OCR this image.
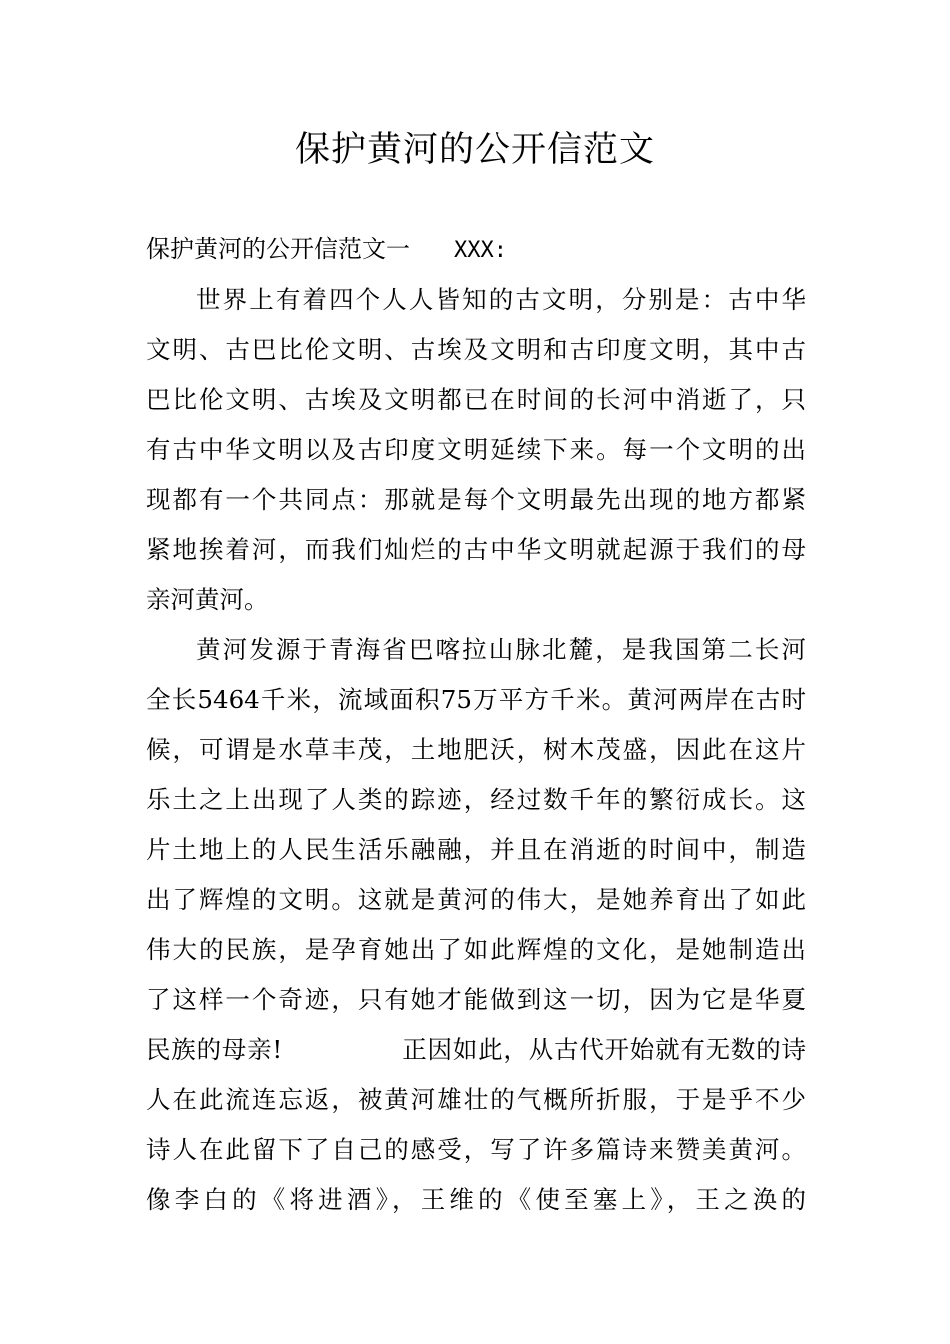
保护黄河的公开信范文
保护黄河的公开信范文一 XXX:
世界上有着四个人人皆知的古文明，分别是：古中华
文明、古巴比伦文明、古埃及文明和古印度文明，其中古
巴比伦文明、古埃及文明都已在时间的长河中消逝了，只
有古中华文明以及古印度文明延续下来。每一个文明的出
现都有一个共同点：那就是每个文明最先出现的地方都紧
紧地挨着河，而我们灿烂的古中华文明就起源于我们的母
亲河黄河。
黄河发源于青海省巴喀拉山脉北麓，是我国第二长河
全长5464千米，流域面积75万平方千米。黄河两岸在古时
候，可谓是水草丰茂，土地肥沃，树木茂盛，因此在这片
乐土之上出现了人类的踪迹，经过数千年的繁衍成长。这
片土地上的人民生活乐融融，并且在消逝的时间中，制造
出了辉煌的文明。这就是黄河的伟大，是她养育出了如此
伟大的民族，是孕育她出了如此辉煌的文化，是她制造出
了这样一个奇迹，只有她才能做到这一切，因为它是华夏
民族的母亲!              正因如此，从古代开始就有无数的诗
人在此流连忘返，被黄河雄壮的气概所折服，于是乎不少
诗人在此留下了自己的感受，写了许多篇诗来赞美黄河。
像李白的《将进酒》，王维的《使至塞上》，王之涣的
